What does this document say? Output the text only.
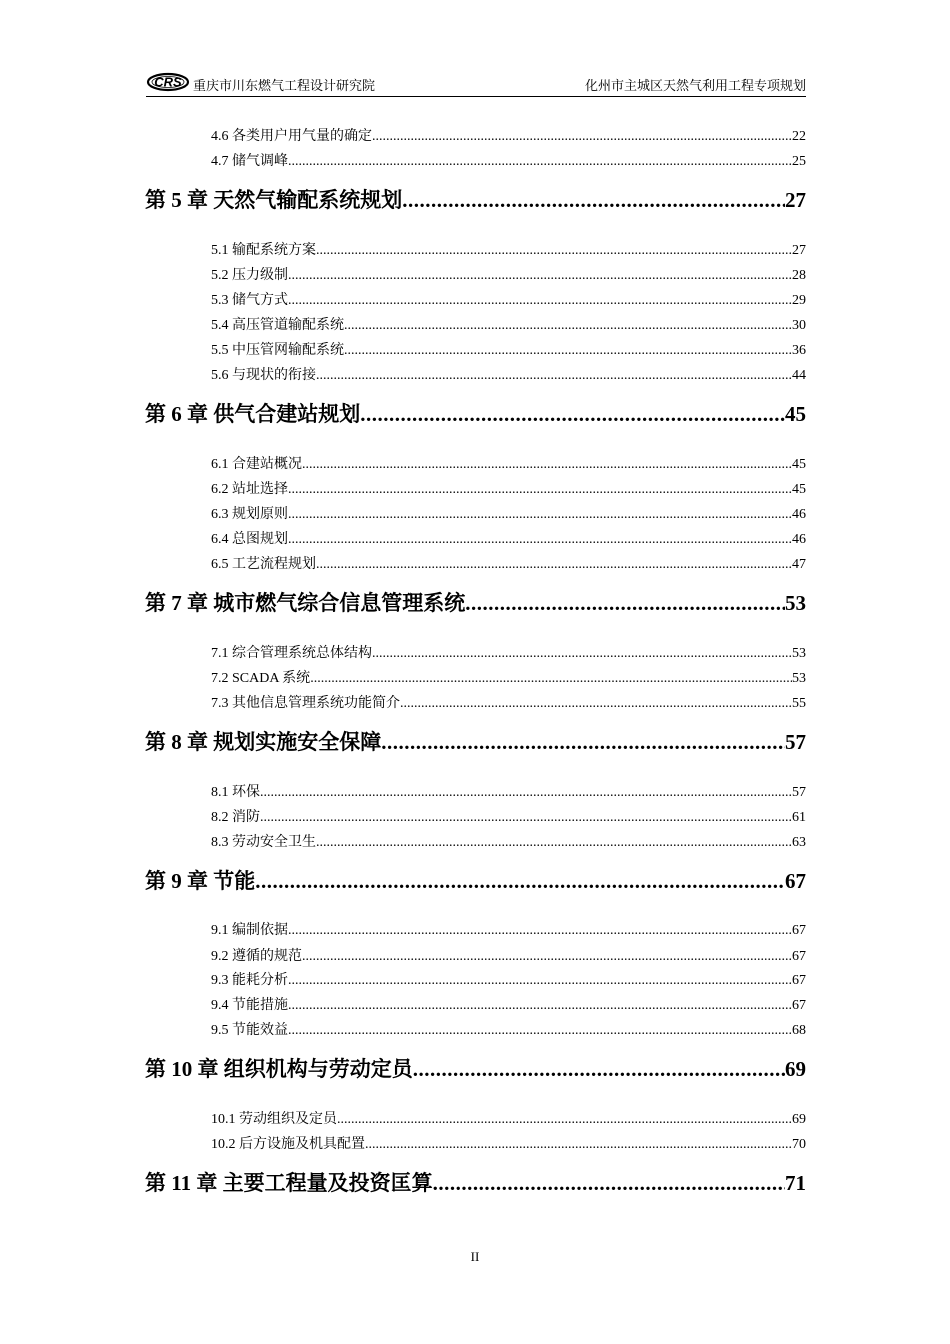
CRS 重庆市川东燃气工程设计研究院	化州市主城区天然气利用工程专项规划
4.6 各类用户用气量的确定 .....	22
4.7 储气调峰 .....	25
第 5 章 天然气输配系统规划 .....	27
5.1 输配系统方案 .....	27
5.2 压力级制 .....	28
5.3 储气方式 .....	29
5.4 高压管道输配系统 .....	30
5.5 中压管网输配系统 .....	36
5.6 与现状的衔接 .....	44
第 6 章 供气合建站规划 .....	45
6.1 合建站概况 .....	45
6.2 站址选择 .....	45
6.3 规划原则 .....	46
6.4 总图规划 .....	46
6.5 工艺流程规划 .....	47
第 7 章 城市燃气综合信息管理系统 .....	53
7.1 综合管理系统总体结构 .....	53
7.2 SCADA 系统 .....	53
7.3 其他信息管理系统功能简介 .....	55
第 8 章 规划实施安全保障 .....	57
8.1 环保 .....	57
8.2 消防 .....	61
8.3 劳动安全卫生 .....	63
第 9 章 节能 .....	67
9.1 编制依据 .....	67
9.2 遵循的规范 .....	67
9.3 能耗分析 .....	67
9.4 节能措施 .....	67
9.5 节能效益 .....	68
第 10 章 组织机构与劳动定员 .....	69
10.1 劳动组织及定员 .....	69
10.2 后方设施及机具配置 .....	70
第 11 章 主要工程量及投资匡算 .....	71
II
